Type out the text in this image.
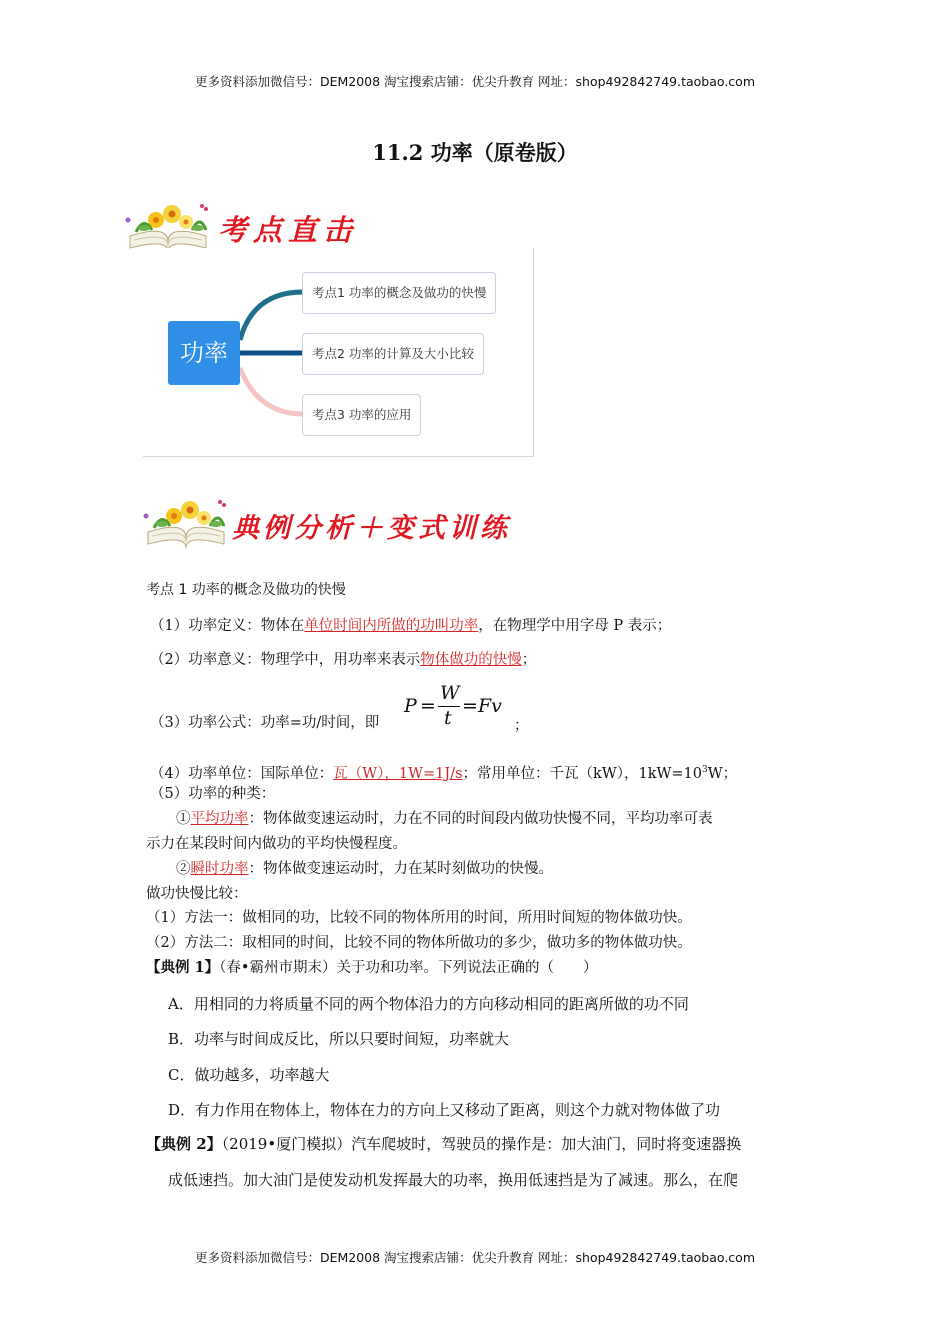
更多资料添加微信号：DEM2008 淘宝搜索店铺：优尖升教育 网址：shop492842749.taobao.com
11.2 功率（原卷版）
考点直击
功率
考点1 功率的概念及做功的快慢
考点2 功率的计算及大小比较
考点3 功率的应用
典例分析＋变式训练
考点 1 功率的概念及做功的快慢
（1）功率定义：物体在单位时间内所做的功叫功率，在物理学中用字母 P 表示；
（2）功率意义：物理学中，用功率来表示物体做功的快慢；
（3）功率公式：功率=功/时间，即
P =
W
t
= Fv
；
（4）功率单位：国际单位：瓦（W），1W=1J/s；常用单位：千瓦（kW），$1kW=10^3W$；
（5）功率的种类：
①平均功率：物体做变速运动时，力在不同的时间段内做功快慢不同，平均功率可表
示力在某段时间内做功的平均快慢程度。
②瞬时功率：物体做变速运动时，力在某时刻做功的快慢。
做功快慢比较：
（1）方法一：做相同的功，比较不同的物体所用的时间，所用时间短的物体做功快。
（2）方法二：取相同的时间，比较不同的物体所做功的多少，做功多的物体做功快。
【典例 1】（春•霸州市期末）关于功和功率。下列说法正确的（　　）
A．用相同的力将质量不同的两个物体沿力的方向移动相同的距离所做的功不同
B．功率与时间成反比，所以只要时间短，功率就大
C．做功越多，功率越大
D．有力作用在物体上，物体在力的方向上又移动了距离，则这个力就对物体做了功
【典例 2】（2019•厦门模拟）汽车爬坡时，驾驶员的操作是：加大油门，同时将变速器换
成低速挡。加大油门是使发动机发挥最大的功率，换用低速挡是为了减速。那么，在爬
更多资料添加微信号：DEM2008 淘宝搜索店铺：优尖升教育 网址：shop492842749.taobao.com
